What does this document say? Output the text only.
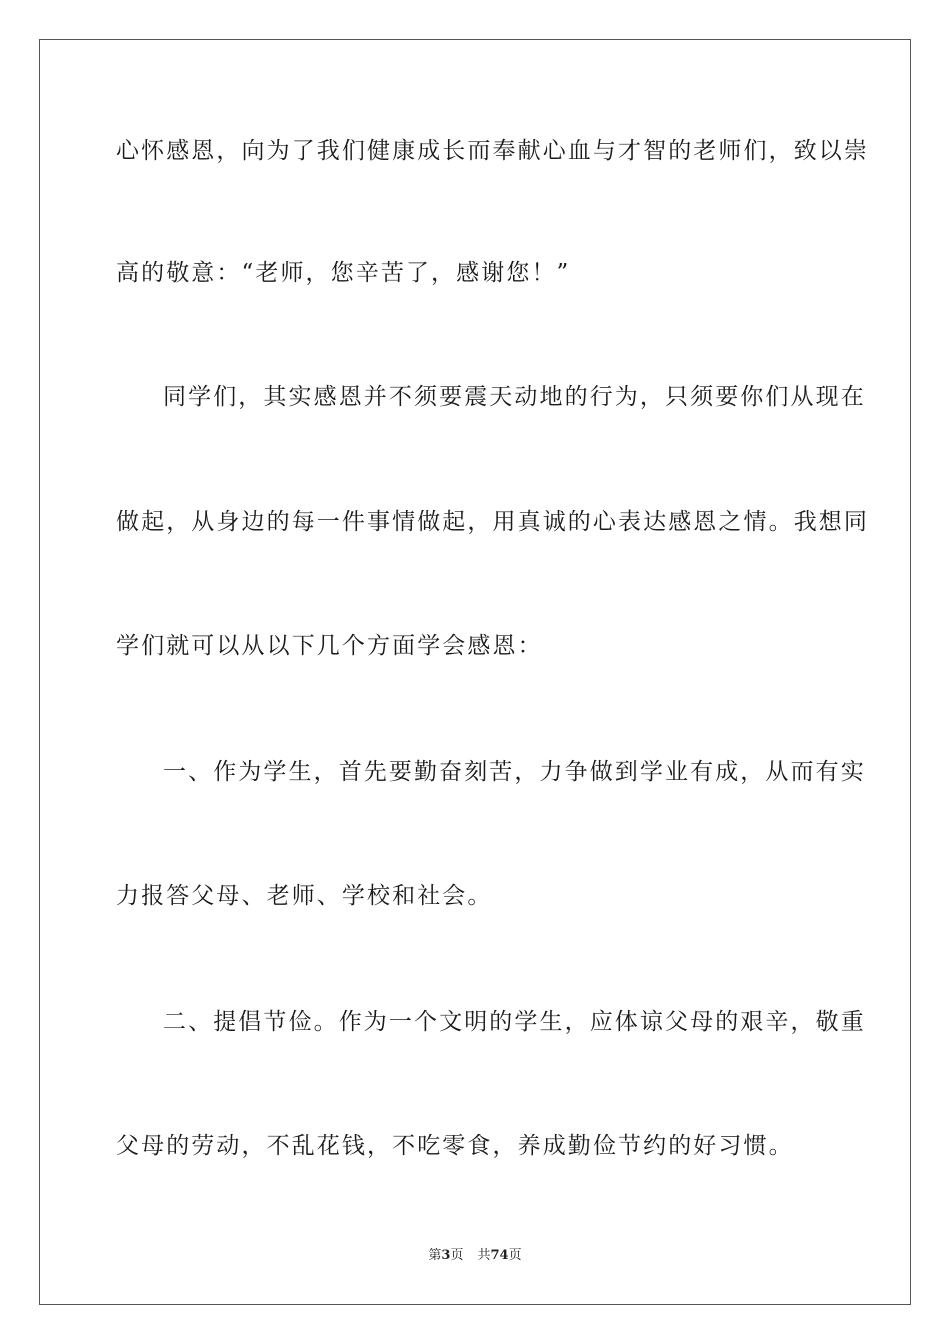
心怀感恩，向为了我们健康成长而奉献心血与才智的老师们，致以崇
高的敬意：“老师，您辛苦了，感谢您！”
同学们，其实感恩并不须要震天动地的行为，只须要你们从现在
做起，从身边的每一件事情做起，用真诚的心表达感恩之情。我想同
学们就可以从以下几个方面学会感恩：
一、作为学生，首先要勤奋刻苦，力争做到学业有成，从而有实
力报答父母、老师、学校和社会。
二、提倡节俭。作为一个文明的学生，应体谅父母的艰辛，敬重
父母的劳动，不乱花钱，不吃零食，养成勤俭节约的好习惯。
第3页 共74页
